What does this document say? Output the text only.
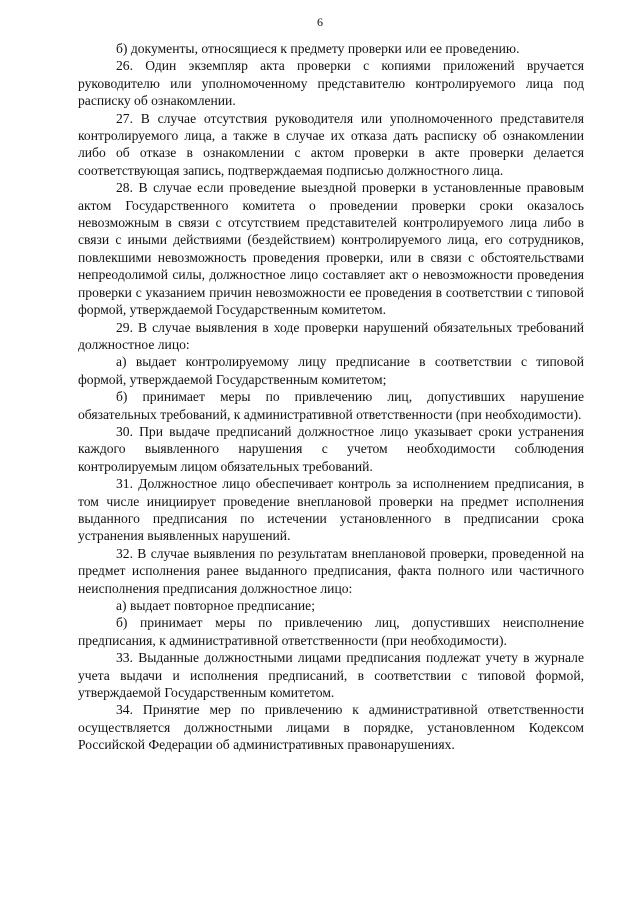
6

б) документы, относящиеся к предмету проверки или ее проведению.

26. Один экземпляр акта проверки с копиями приложений вручается руководителю или уполномоченному представителю контролируемого лица под расписку об ознакомлении.

27. В случае отсутствия руководителя или уполномоченного представителя контролируемого лица, а также в случае их отказа дать расписку об ознакомлении либо об отказе в ознакомлении с актом проверки в акте проверки делается соответствующая запись, подтверждаемая подписью должностного лица.

28. В случае если проведение выездной проверки в установленные правовым актом Государственного комитета о проведении проверки сроки оказалось невозможным в связи с отсутствием представителей контролируемого лица либо в связи с иными действиями (бездействием) контролируемого лица, его сотрудников, повлекшими невозможность проведения проверки, или в связи с обстоятельствами непреодолимой силы, должностное лицо составляет акт о невозможности проведения проверки с указанием причин невозможности ее проведения в соответствии с типовой формой, утверждаемой Государственным комитетом.

29. В случае выявления в ходе проверки нарушений обязательных требований должностное лицо:

а) выдает контролируемому лицу предписание в соответствии с типовой формой, утверждаемой Государственным комитетом;

б) принимает меры по привлечению лиц, допустивших нарушение обязательных требований, к административной ответственности (при необходимости).

30. При выдаче предписаний должностное лицо указывает сроки устранения каждого выявленного нарушения с учетом необходимости соблюдения контролируемым лицом обязательных требований.

31. Должностное лицо обеспечивает контроль за исполнением предписания, в том числе инициирует проведение внеплановой проверки на предмет исполнения выданного предписания по истечении установленного в предписании срока устранения выявленных нарушений.

32. В случае выявления по результатам внеплановой проверки, проведенной на предмет исполнения ранее выданного предписания, факта полного или частичного неисполнения предписания должностное лицо:

а) выдает повторное предписание;

б) принимает меры по привлечению лиц, допустивших неисполнение предписания, к административной ответственности (при необходимости).

33. Выданные должностными лицами предписания подлежат учету в журнале учета выдачи и исполнения предписаний, в соответствии с типовой формой, утверждаемой Государственным комитетом.

34. Принятие мер по привлечению к административной ответственности осуществляется должностными лицами в порядке, установленном Кодексом Российской Федерации об административных правонарушениях.
